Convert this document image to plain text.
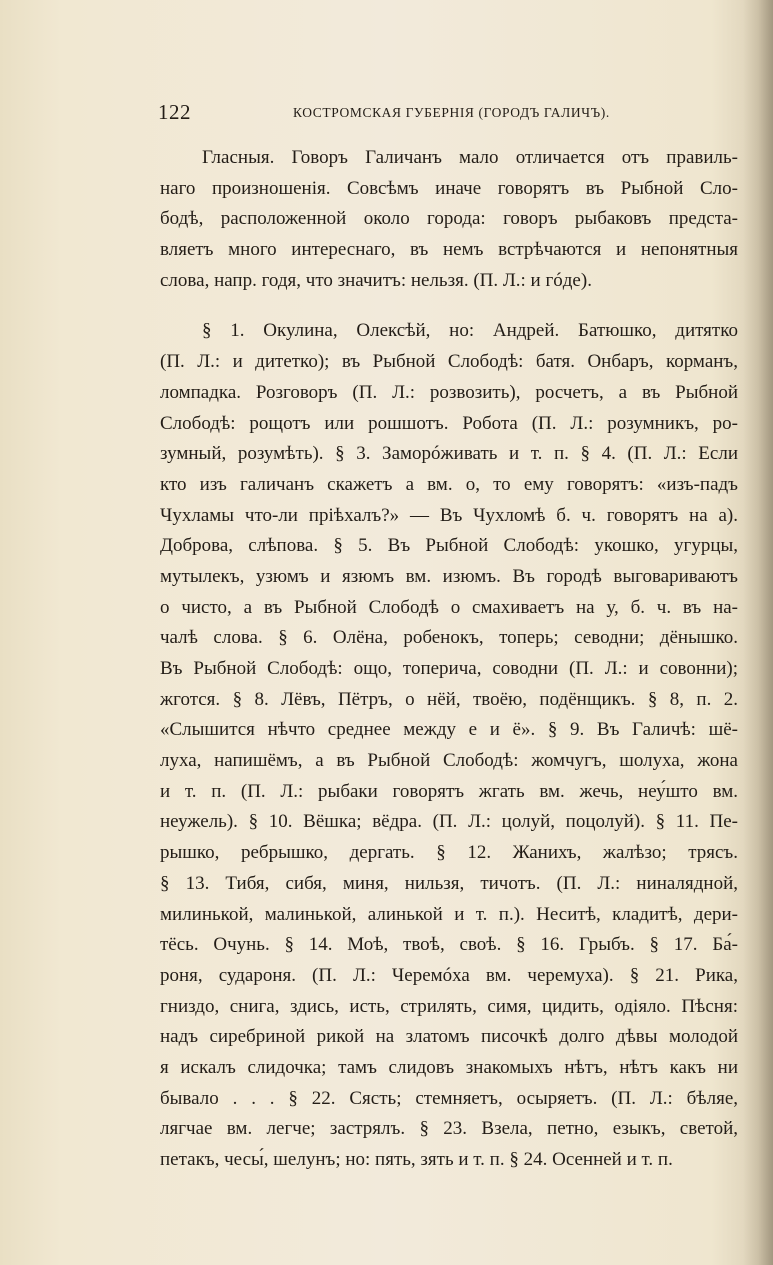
122	КОСТРОМСКАЯ ГУБЕРНІЯ (ГОРОДЪ ГАЛИЧЪ).
Гласныя. Говоръ Галичанъ мало отличается отъ правиль-
наго произношенія. Совсѣмъ иначе говорятъ въ Рыбной Сло-
бодѣ, расположенной около города: говоръ рыбаковъ предста-
вляетъ много интереснаго, въ немъ встрѣчаются и непонятныя
слова, напр. годя, что значитъ: нельзя. (П. Л.: и гóде).
§ 1. Окулина, Олексѣй, но: Андрей. Батюшко, дитятко
(П. Л.: и дитетко); въ Рыбной Слободѣ: батя. Онбаръ, корманъ,
ломпадка. Розговоръ (П. Л.: розвозить), росчетъ, а въ Рыбной
Слободѣ: рощотъ или рошшотъ. Робота (П. Л.: розумникъ, ро-
зумный, розумѣть). § 3. Заморóживать и т. п. § 4. (П. Л.: Если
кто изъ галичанъ скажетъ а вм. о, то ему говорятъ: «изъ-падъ
Чухламы что-ли пріѣхалъ?» — Въ Чухломѣ б. ч. говорятъ на а).
Доброва, слѣпова. § 5. Въ Рыбной Слободѣ: укошко, угурцы,
мутылекъ, узюмъ и язюмъ вм. изюмъ. Въ городѣ выговариваютъ
о чисто, а въ Рыбной Слободѣ о смахиваетъ на у, б. ч. въ на-
чалѣ слова. § 6. Олёна, робенокъ, топерь; севодни; дёнышко.
Въ Рыбной Слободѣ: ощо, топерича, соводни (П. Л.: и совонни);
жготся. § 8. Лёвъ, Пётръ, о нёй, твоёю, подёнщикъ. § 8, п. 2.
«Слышится нѣчто среднее между е и ё». § 9. Въ Галичѣ: шё-
луха, напишёмъ, а въ Рыбной Слободѣ: жомчугъ, шолуха, жона
и т. п. (П. Л.: рыбаки говорятъ жгать вм. жечь, неу́што вм.
неужель). § 10. Вёшка; вёдра. (П. Л.: цолуй, поцолуй). § 11. Пе-
рышко, ребрышко, дергать. § 12. Жанихъ, жалѣзо; трясъ.
§ 13. Тибя, сибя, миня, нильзя, тичотъ. (П. Л.: ниналядной,
милинькой, малинькой, алинькой и т. п.). Неситѣ, кладитѣ, дери-
тёсь. Очунь. § 14. Моѣ, твоѣ, своѣ. § 16. Грыбъ. § 17. Ба́-
роня, судароня. (П. Л.: Черемóха вм. черемуха). § 21. Рика,
гниздо, снига, здись, исть, стрилять, симя, цидить, одіяло. Пѣсня:
надъ сиребриной рикой на златомъ писочкѣ долго дѣвы молодой
я искалъ слидочка; тамъ слидовъ знакомыхъ нѣтъ, нѣтъ какъ ни
бывало . . . § 22. Сясть; стемняетъ, осыряетъ. (П. Л.: бѣляе,
лягчае вм. легче; застрялъ. § 23. Взела, петно, езыкъ, светой,
петакъ, чесы́, шелунъ; но: пять, зять и т. п. § 24. Осенней и т. п.
